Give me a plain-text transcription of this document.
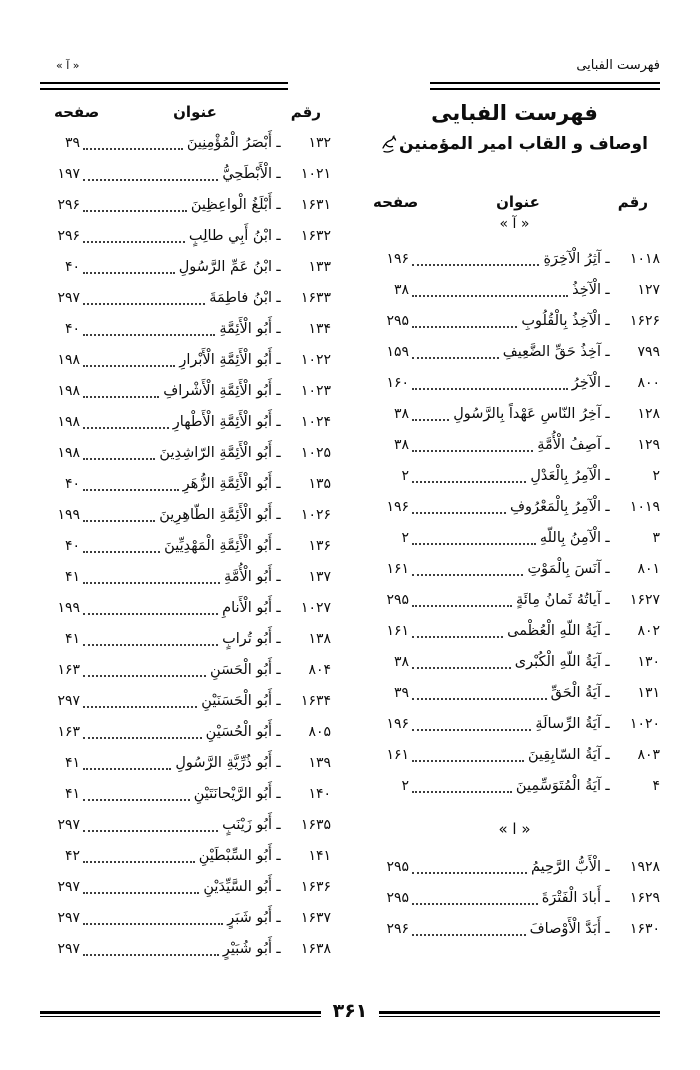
فهرست الفبایی
« آ »
فهرست الفبایی
اوصاف و القاب امیر المؤمنین
رقم
عنوان
صفحه
« آ »
۱۰۱۸
ـ
آثِرُ الْآخِرَةِ
۱۹۶
۱۲۷
ـ
الْآخِذُ
۳۸
۱۶۲۶
ـ
الْآخِذُ بِالْقُلُوبِ
۲۹۵
۷۹۹
ـ
آخِذُ حَقِّ الضَّعِيفِ
۱۵۹
۸۰۰
ـ
الْآخِرُ
۱۶۰
۱۲۸
ـ
آخِرُ النّاسِ عَهْداً بِالرَّسُولِ
۳۸
۱۲۹
ـ
آصِفُ الْأُمَّةِ
۳۸
۲
ـ
الْآمِرُ بِالْعَدْلِ
۲
۱۰۱۹
ـ
الْآمِرُ بِالْمَعْرُوفِ
۱۹۶
۳
ـ
الْآمِنُ بِاللّهِ
۲
۸۰۱
ـ
آنَسَ بِالْمَوْتِ
۱۶۱
۱۶۲۷
ـ
آياتُهُ ثَمانُ مِائَةٍ
۲۹۵
۸۰۲
ـ
آيَةُ اللّهِ الْعُظْمى
۱۶۱
۱۳۰
ـ
آيَةُ اللّهِ الْكُبْرى
۳۸
۱۳۱
ـ
آيَةُ الْحَقِّ
۳۹
۱۰۲۰
ـ
آيَةُ الرِّسالَةِ
۱۹۶
۸۰۳
ـ
آيَةُ السّابِقِينَ
۱۶۱
۴
ـ
آيَةُ الْمُتَوَسِّمِينَ
۲
« ا »
۱۹۲۸
ـ
الْأَبُّ الرَّحِيمُ
۲۹۵
۱۶۲۹
ـ
أَبادَ الْفَتْرَةَ
۲۹۵
۱۶۳۰
ـ
أَبَدَّ الْأَوْصافَ
۲۹۶
رقم
عنوان
صفحه
۱۳۲
ـ
أَبْصَرُ الْمُؤْمِنِينَ
۳۹
۱۰۲۱
ـ
الْأَبْطَحِيُّ
۱۹۷
۱۶۳۱
ـ
أَبْلَغُ الْواعِظِينَ
۲۹۶
۱۶۳۲
ـ
ابْنُ أَبِي طالِبٍ
۲۹۶
۱۳۳
ـ
ابْنُ عَمِّ الرَّسُولِ
۴۰
۱۶۳۳
ـ
ابْنُ فاطِمَةَ
۲۹۷
۱۳۴
ـ
أَبُو الْأَئِمَّةِ
۴۰
۱۰۲۲
ـ
أَبُو الْأَئِمَّةِ الْأَبْرارِ
۱۹۸
۱۰۲۳
ـ
أَبُو الْأَئِمَّةِ الْأَشْرافِ
۱۹۸
۱۰۲۴
ـ
أَبُو الْأَئِمَّةِ الْأَطْهارِ
۱۹۸
۱۰۲۵
ـ
أَبُو الْأَئِمَّةِ الرّاشِدِينَ
۱۹۸
۱۳۵
ـ
أَبُو الْأَئِمَّةِ الزُّهَرِ
۴۰
۱۰۲۶
ـ
أَبُو الْأَئِمَّةِ الطّاهِرِينَ
۱۹۹
۱۳۶
ـ
أَبُو الْأَئِمَّةِ الْمَهْدِيِّينَ
۴۰
۱۳۷
ـ
أَبُو الْأُمَّةِ
۴۱
۱۰۲۷
ـ
أَبُو الْأَنامِ
۱۹۹
۱۳۸
ـ
أَبُو تُرابٍ
۴۱
۸۰۴
ـ
أَبُو الْحَسَنِ
۱۶۳
۱۶۳۴
ـ
أَبُو الْحَسَنَيْنِ
۲۹۷
۸۰۵
ـ
أَبُو الْحُسَيْنِ
۱۶۳
۱۳۹
ـ
أَبُو ذُرِّيَّةِ الرَّسُولِ
۴۱
۱۴۰
ـ
أَبُو الرَّيْحانَتَيْنِ
۴۱
۱۶۳۵
ـ
أَبُو زَيْنَبٍ
۲۹۷
۱۴۱
ـ
أَبُو السِّبْطَيْنِ
۴۲
۱۶۳۶
ـ
أَبُو السَّيِّدَيْنِ
۲۹۷
۱۶۳۷
ـ
أَبُو شَبَرٍ
۲۹۷
۱۶۳۸
ـ
أَبُو شُبَيْرٍ
۲۹۷
۳۶۱
